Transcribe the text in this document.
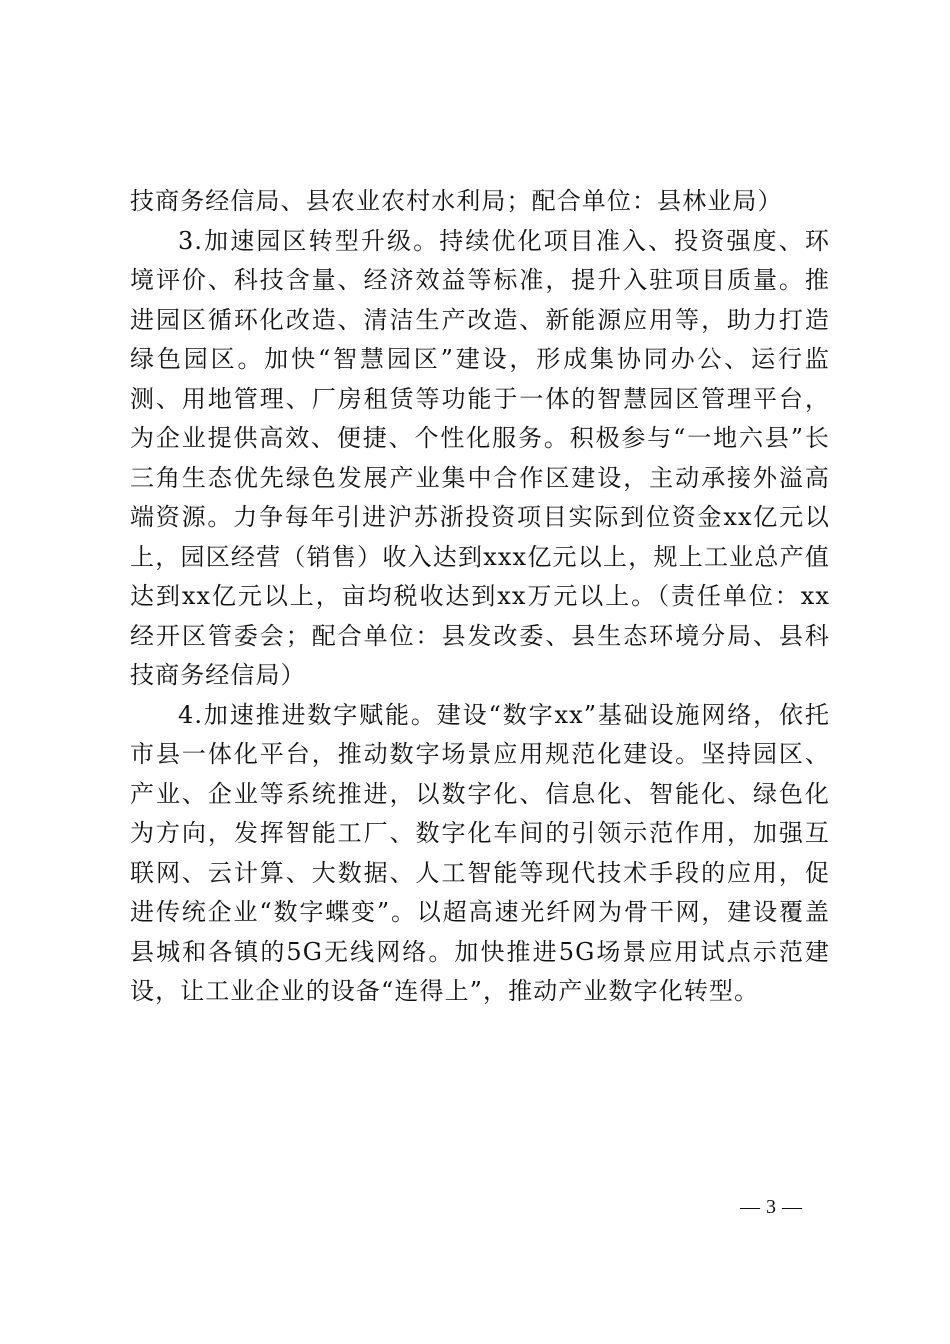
技商务经信局、县农业农村水利局；配合单位：县林业局）

3.加速园区转型升级。持续优化项目准入、投资强度、环境评价、科技含量、经济效益等标准，提升入驻项目质量。推进园区循环化改造、清洁生产改造、新能源应用等，助力打造绿色园区。加快“智慧园区”建设，形成集协同办公、运行监测、用地管理、厂房租赁等功能于一体的智慧园区管理平台，为企业提供高效、便捷、个性化服务。积极参与“一地六县”长三角生态优先绿色发展产业集中合作区建设，主动承接外溢高端资源。力争每年引进沪苏浙投资项目实际到位资金xx亿元以上，园区经营（销售）收入达到xxx亿元以上，规上工业总产值达到xx亿元以上，亩均税收达到xx万元以上。（责任单位：xx经开区管委会；配合单位：县发改委、县生态环境分局、县科技商务经信局）

4.加速推进数字赋能。建设“数字xx”基础设施网络，依托市县一体化平台，推动数字场景应用规范化建设。坚持园区、产业、企业等系统推进，以数字化、信息化、智能化、绿色化为方向，发挥智能工厂、数字化车间的引领示范作用，加强互联网、云计算、大数据、人工智能等现代技术手段的应用，促进传统企业“数字蝶变”。以超高速光纤网为骨干网，建设覆盖县城和各镇的5G无线网络。加快推进5G场景应用试点示范建设，让工业企业的设备“连得上”，推动产业数字化转型。

— 3 —
